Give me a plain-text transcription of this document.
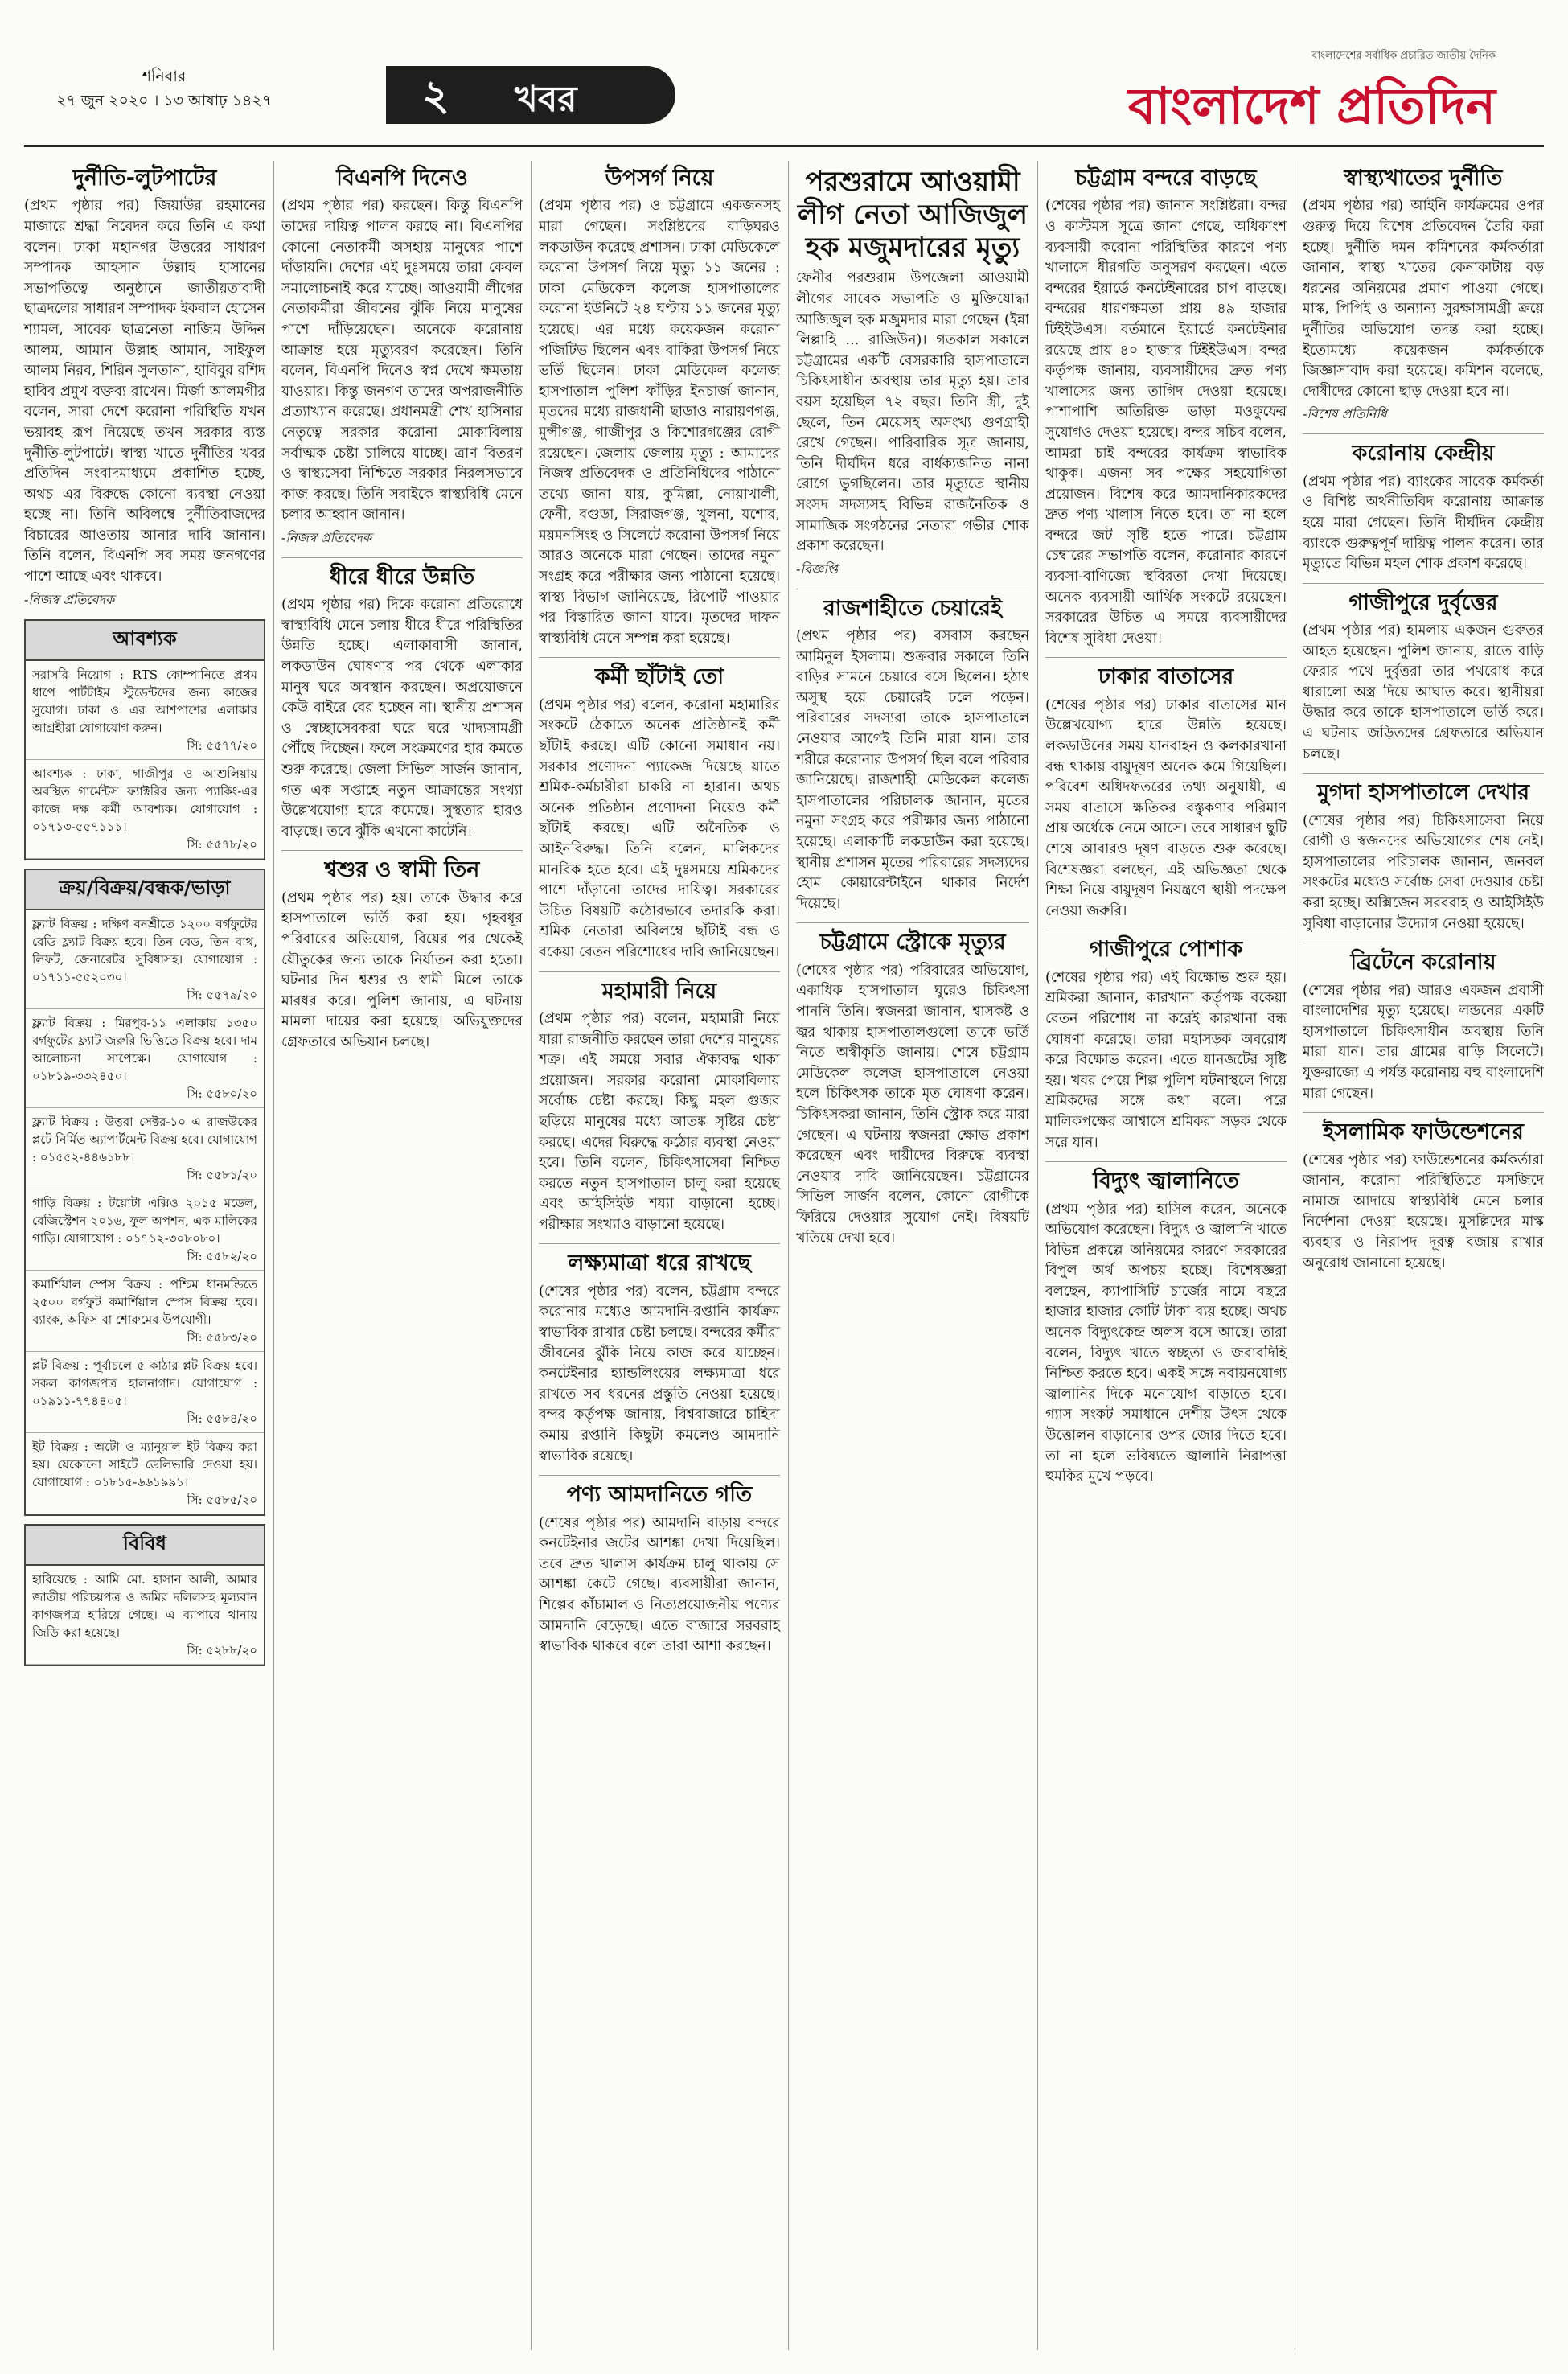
শনিবার
২৭ জুন ২০২০ । ১৩ আষাঢ় ১৪২৭	২ খবর
বাংলাদেশের সর্বাধিক প্রচারিত জাতীয় দৈনিক
বাংলাদেশ প্রতিদিন
দুর্নীতি-লুটপাটের
(প্রথম পৃষ্ঠার পর) জিয়াউর রহমানের মাজারে শ্রদ্ধা নিবেদন করে তিনি এ কথা বলেন। ঢাকা মহানগর উত্তরের সাধারণ সম্পাদক আহসান উল্লাহ হাসানের সভাপতিত্বে অনুষ্ঠানে জাতীয়তাবাদী ছাত্রদলের সাধারণ সম্পাদক ইকবাল হোসেন শ্যামল, সাবেক ছাত্রনেতা নাজিম উদ্দিন আলম, আমান উল্লাহ আমান, সাইফুল আলম নিরব, শিরিন সুলতানা, হাবিবুর রশিদ হাবিব প্রমুখ বক্তব্য রাখেন। মির্জা আলমগীর বলেন, সারা দেশে করোনা পরিস্থিতি যখন ভয়াবহ রূপ নিয়েছে তখন সরকার ব্যস্ত দুর্নীতি-লুটপাটে। স্বাস্থ্য খাতে দুর্নীতির খবর প্রতিদিন সংবাদমাধ্যমে প্রকাশিত হচ্ছে, অথচ এর বিরুদ্ধে কোনো ব্যবস্থা নেওয়া হচ্ছে না। তিনি অবিলম্বে দুর্নীতিবাজদের বিচারের আওতায় আনার দাবি জানান। তিনি বলেন, বিএনপি সব সময় জনগণের পাশে আছে এবং থাকবে।
-নিজস্ব প্রতিবেদক
আবশ্যক
সরাসরি নিয়োগ : RTS কোম্পানিতে প্রথম ধাপে পার্টটাইম স্টুডেন্টদের জন্য কাজের সুযোগ। ঢাকা ও এর আশপাশের এলাকার আগ্রহীরা যোগাযোগ করুন।
সি: ৫৫৭৭/২০
আবশ্যক : ঢাকা, গাজীপুর ও আশুলিয়ায় অবস্থিত গার্মেন্টস ফ্যাক্টরির জন্য প্যাকিং-এর কাজে দক্ষ কর্মী আবশ্যক। যোগাযোগ : ০১৭১৩-৫৫৭১১১।
সি: ৫৫৭৮/২০
ক্রয়/বিক্রয়/বন্ধক/ভাড়া
ফ্ল্যাট বিক্রয় : দক্ষিণ বনশ্রীতে ১২০০ বর্গফুটের রেডি ফ্ল্যাট বিক্রয় হবে। তিন বেড, তিন বাথ, লিফট, জেনারেটর সুবিধাসহ। যোগাযোগ : ০১৭১১-৫৫২০৩০।
সি: ৫৫৭৯/২০
ফ্ল্যাট বিক্রয় : মিরপুর-১১ এলাকায় ১৩৫০ বর্গফুটের ফ্ল্যাট জরুরি ভিত্তিতে বিক্রয় হবে। দাম আলোচনা সাপেক্ষে। যোগাযোগ : ০১৮১৯-৩৩২৪৫০।
সি: ৫৫৮০/২০
ফ্ল্যাট বিক্রয় : উত্তরা সেক্টর-১০ এ রাজউকের প্লটে নির্মিত অ্যাপার্টমেন্ট বিক্রয় হবে। যোগাযোগ : ০১৫৫২-৪৪৬১৮৮।
সি: ৫৫৮১/২০
গাড়ি বিক্রয় : টয়োটা এক্সিও ২০১৫ মডেল, রেজিস্ট্রেশন ২০১৬, ফুল অপশন, এক মালিকের গাড়ি। যোগাযোগ : ০১৭১২-৩০৮০৮০।
সি: ৫৫৮২/২০
কমার্শিয়াল স্পেস বিক্রয় : পশ্চিম ধানমন্ডিতে ২৫০০ বর্গফুট কমার্শিয়াল স্পেস বিক্রয় হবে। ব্যাংক, অফিস বা শোরুমের উপযোগী।
সি: ৫৫৮৩/২০
প্লট বিক্রয় : পূর্বাচলে ৫ কাঠার প্লট বিক্রয় হবে। সকল কাগজপত্র হালনাগাদ। যোগাযোগ : ০১৯১১-৭৭৪৪০৫।
সি: ৫৫৮৪/২০
ইট বিক্রয় : অটো ও ম্যানুয়াল ইট বিক্রয় করা হয়। যেকোনো সাইটে ডেলিভারি দেওয়া হয়। যোগাযোগ : ০১৮১৫-৬৬১৯৯১।
সি: ৫৫৮৫/২০
বিবিধ
হারিয়েছে : আমি মো. হাসান আলী, আমার জাতীয় পরিচয়পত্র ও জমির দলিলসহ মূল্যবান কাগজপত্র হারিয়ে গেছে। এ ব্যাপারে থানায় জিডি করা হয়েছে।
সি: ৫২৮৮/২০
বিএনপি দিনেও
(প্রথম পৃষ্ঠার পর) করছেন। কিন্তু বিএনপি তাদের দায়িত্ব পালন করছে না। বিএনপির কোনো নেতাকর্মী অসহায় মানুষের পাশে দাঁড়ায়নি। দেশের এই দুঃসময়ে তারা কেবল সমালোচনাই করে যাচ্ছে। আওয়ামী লীগের নেতাকর্মীরা জীবনের ঝুঁকি নিয়ে মানুষের পাশে দাঁড়িয়েছেন। অনেকে করোনায় আক্রান্ত হয়ে মৃত্যুবরণ করেছেন। তিনি বলেন, বিএনপি দিনেও স্বপ্ন দেখে ক্ষমতায় যাওয়ার। কিন্তু জনগণ তাদের অপরাজনীতি প্রত্যাখ্যান করেছে। প্রধানমন্ত্রী শেখ হাসিনার নেতৃত্বে সরকার করোনা মোকাবিলায় সর্বাত্মক চেষ্টা চালিয়ে যাচ্ছে। ত্রাণ বিতরণ ও স্বাস্থ্যসেবা নিশ্চিতে সরকার নিরলসভাবে কাজ করছে। তিনি সবাইকে স্বাস্থ্যবিধি মেনে চলার আহ্বান জানান।
-নিজস্ব প্রতিবেদক
ধীরে ধীরে উন্নতি
(প্রথম পৃষ্ঠার পর) দিকে করোনা প্রতিরোধে স্বাস্থ্যবিধি মেনে চলায় ধীরে ধীরে পরিস্থিতির উন্নতি হচ্ছে। এলাকাবাসী জানান, লকডাউন ঘোষণার পর থেকে এলাকার মানুষ ঘরে অবস্থান করছেন। অপ্রয়োজনে কেউ বাইরে বের হচ্ছেন না। স্থানীয় প্রশাসন ও স্বেচ্ছাসেবকরা ঘরে ঘরে খাদ্যসামগ্রী পৌঁছে দিচ্ছেন। ফলে সংক্রমণের হার কমতে শুরু করেছে। জেলা সিভিল সার্জন জানান, গত এক সপ্তাহে নতুন আক্রান্তের সংখ্যা উল্লেখযোগ্য হারে কমেছে। সুস্থতার হারও বাড়ছে। তবে ঝুঁকি এখনো কাটেনি।
শ্বশুর ও স্বামী তিন
(প্রথম পৃষ্ঠার পর) হয়। তাকে উদ্ধার করে হাসপাতালে ভর্তি করা হয়। গৃহবধূর পরিবারের অভিযোগ, বিয়ের পর থেকেই যৌতুকের জন্য তাকে নির্যাতন করা হতো। ঘটনার দিন শ্বশুর ও স্বামী মিলে তাকে মারধর করে। পুলিশ জানায়, এ ঘটনায় মামলা দায়ের করা হয়েছে। অভিযুক্তদের গ্রেফতারে অভিযান চলছে।
উপসর্গ নিয়ে
(প্রথম পৃষ্ঠার পর) ও চট্টগ্রামে একজনসহ মারা গেছেন। সংশ্লিষ্টদের বাড়িঘরও লকডাউন করেছে প্রশাসন। ঢাকা মেডিকেলে করোনা উপসর্গ নিয়ে মৃত্যু ১১ জনের : ঢাকা মেডিকেল কলেজ হাসপাতালের করোনা ইউনিটে ২৪ ঘণ্টায় ১১ জনের মৃত্যু হয়েছে। এর মধ্যে কয়েকজন করোনা পজিটিভ ছিলেন এবং বাকিরা উপসর্গ নিয়ে ভর্তি ছিলেন। ঢাকা মেডিকেল কলেজ হাসপাতাল পুলিশ ফাঁড়ির ইনচার্জ জানান, মৃতদের মধ্যে রাজধানী ছাড়াও নারায়ণগঞ্জ, মুন্সীগঞ্জ, গাজীপুর ও কিশোরগঞ্জের রোগী রয়েছেন। জেলায় জেলায় মৃত্যু : আমাদের নিজস্ব প্রতিবেদক ও প্রতিনিধিদের পাঠানো তথ্যে জানা যায়, কুমিল্লা, নোয়াখালী, ফেনী, বগুড়া, সিরাজগঞ্জ, খুলনা, যশোর, ময়মনসিংহ ও সিলেটে করোনা উপসর্গ নিয়ে আরও অনেকে মারা গেছেন। তাদের নমুনা সংগ্রহ করে পরীক্ষার জন্য পাঠানো হয়েছে। স্বাস্থ্য বিভাগ জানিয়েছে, রিপোর্ট পাওয়ার পর বিস্তারিত জানা যাবে। মৃতদের দাফন স্বাস্থ্যবিধি মেনে সম্পন্ন করা হয়েছে।
কর্মী ছাঁটাই তো
(প্রথম পৃষ্ঠার পর) বলেন, করোনা মহামারির সংকটে ঠেকাতে অনেক প্রতিষ্ঠানই কর্মী ছাঁটাই করছে। এটি কোনো সমাধান নয়। সরকার প্রণোদনা প্যাকেজ দিয়েছে যাতে শ্রমিক-কর্মচারীরা চাকরি না হারান। অথচ অনেক প্রতিষ্ঠান প্রণোদনা নিয়েও কর্মী ছাঁটাই করছে। এটি অনৈতিক ও আইনবিরুদ্ধ। তিনি বলেন, মালিকদের মানবিক হতে হবে। এই দুঃসময়ে শ্রমিকদের পাশে দাঁড়ানো তাদের দায়িত্ব। সরকারের উচিত বিষয়টি কঠোরভাবে তদারকি করা। শ্রমিক নেতারা অবিলম্বে ছাঁটাই বন্ধ ও বকেয়া বেতন পরিশোধের দাবি জানিয়েছেন।
মহামারী নিয়ে
(প্রথম পৃষ্ঠার পর) বলেন, মহামারী নিয়ে যারা রাজনীতি করছেন তারা দেশের মানুষের শত্রু। এই সময়ে সবার ঐক্যবদ্ধ থাকা প্রয়োজন। সরকার করোনা মোকাবিলায় সর্বোচ্চ চেষ্টা করছে। কিছু মহল গুজব ছড়িয়ে মানুষের মধ্যে আতঙ্ক সৃষ্টির চেষ্টা করছে। এদের বিরুদ্ধে কঠোর ব্যবস্থা নেওয়া হবে। তিনি বলেন, চিকিৎসাসেবা নিশ্চিত করতে নতুন হাসপাতাল চালু করা হয়েছে এবং আইসিইউ শয্যা বাড়ানো হচ্ছে। পরীক্ষার সংখ্যাও বাড়ানো হয়েছে।
লক্ষ্যমাত্রা ধরে রাখছে
(শেষের পৃষ্ঠার পর) বলেন, চট্টগ্রাম বন্দরে করোনার মধ্যেও আমদানি-রপ্তানি কার্যক্রম স্বাভাবিক রাখার চেষ্টা চলছে। বন্দরের কর্মীরা জীবনের ঝুঁকি নিয়ে কাজ করে যাচ্ছেন। কনটেইনার হ্যান্ডলিংয়ের লক্ষ্যমাত্রা ধরে রাখতে সব ধরনের প্রস্তুতি নেওয়া হয়েছে। বন্দর কর্তৃপক্ষ জানায়, বিশ্ববাজারে চাহিদা কমায় রপ্তানি কিছুটা কমলেও আমদানি স্বাভাবিক রয়েছে।
পণ্য আমদানিতে গতি
(শেষের পৃষ্ঠার পর) আমদানি বাড়ায় বন্দরে কনটেইনার জটের আশঙ্কা দেখা দিয়েছিল। তবে দ্রুত খালাস কার্যক্রম চালু থাকায় সে আশঙ্কা কেটে গেছে। ব্যবসায়ীরা জানান, শিল্পের কাঁচামাল ও নিত্যপ্রয়োজনীয় পণ্যের আমদানি বেড়েছে। এতে বাজারে সরবরাহ স্বাভাবিক থাকবে বলে তারা আশা করছেন।
পরশুরামে আওয়ামী লীগ নেতা আজিজুল হক মজুমদারের মৃত্যু
ফেনীর পরশুরাম উপজেলা আওয়ামী লীগের সাবেক সভাপতি ও মুক্তিযোদ্ধা আজিজুল হক মজুমদার মারা গেছেন (ইন্না লিল্লাহি ... রাজিউন)। গতকাল সকালে চট্টগ্রামের একটি বেসরকারি হাসপাতালে চিকিৎসাধীন অবস্থায় তার মৃত্যু হয়। তার বয়স হয়েছিল ৭২ বছর। তিনি স্ত্রী, দুই ছেলে, তিন মেয়েসহ অসংখ্য গুণগ্রাহী রেখে গেছেন। পারিবারিক সূত্র জানায়, তিনি দীর্ঘদিন ধরে বার্ধক্যজনিত নানা রোগে ভুগছিলেন। তার মৃত্যুতে স্থানীয় সংসদ সদস্যসহ বিভিন্ন রাজনৈতিক ও সামাজিক সংগঠনের নেতারা গভীর শোক প্রকাশ করেছেন।
-বিজ্ঞপ্তি
রাজশাহীতে চেয়ারেই
(প্রথম পৃষ্ঠার পর) বসবাস করছেন আমিনুল ইসলাম। শুক্রবার সকালে তিনি বাড়ির সামনে চেয়ারে বসে ছিলেন। হঠাৎ অসুস্থ হয়ে চেয়ারেই ঢলে পড়েন। পরিবারের সদস্যরা তাকে হাসপাতালে নেওয়ার আগেই তিনি মারা যান। তার শরীরে করোনার উপসর্গ ছিল বলে পরিবার জানিয়েছে। রাজশাহী মেডিকেল কলেজ হাসপাতালের পরিচালক জানান, মৃতের নমুনা সংগ্রহ করে পরীক্ষার জন্য পাঠানো হয়েছে। এলাকাটি লকডাউন করা হয়েছে। স্থানীয় প্রশাসন মৃতের পরিবারের সদস্যদের হোম কোয়ারেন্টাইনে থাকার নির্দেশ দিয়েছে।
চট্টগ্রামে স্ট্রোকে মৃত্যুর
(শেষের পৃষ্ঠার পর) পরিবারের অভিযোগ, একাধিক হাসপাতাল ঘুরেও চিকিৎসা পাননি তিনি। স্বজনরা জানান, শ্বাসকষ্ট ও জ্বর থাকায় হাসপাতালগুলো তাকে ভর্তি নিতে অস্বীকৃতি জানায়। শেষে চট্টগ্রাম মেডিকেল কলেজ হাসপাতালে নেওয়া হলে চিকিৎসক তাকে মৃত ঘোষণা করেন। চিকিৎসকরা জানান, তিনি স্ট্রোক করে মারা গেছেন। এ ঘটনায় স্বজনরা ক্ষোভ প্রকাশ করেছেন এবং দায়ীদের বিরুদ্ধে ব্যবস্থা নেওয়ার দাবি জানিয়েছেন। চট্টগ্রামের সিভিল সার্জন বলেন, কোনো রোগীকে ফিরিয়ে দেওয়ার সুযোগ নেই। বিষয়টি খতিয়ে দেখা হবে।
চট্টগ্রাম বন্দরে বাড়ছে
(শেষের পৃষ্ঠার পর) জানান সংশ্লিষ্টরা। বন্দর ও কাস্টমস সূত্রে জানা গেছে, অধিকাংশ ব্যবসায়ী করোনা পরিস্থিতির কারণে পণ্য খালাসে ধীরগতি অনুসরণ করছেন। এতে বন্দরের ইয়ার্ডে কনটেইনারের চাপ বাড়ছে। বন্দরের ধারণক্ষমতা প্রায় ৪৯ হাজার টিইইউএস। বর্তমানে ইয়ার্ডে কনটেইনার রয়েছে প্রায় ৪০ হাজার টিইইউএস। বন্দর কর্তৃপক্ষ জানায়, ব্যবসায়ীদের দ্রুত পণ্য খালাসের জন্য তাগিদ দেওয়া হয়েছে। পাশাপাশি অতিরিক্ত ভাড়া মওকুফের সুযোগও দেওয়া হয়েছে। বন্দর সচিব বলেন, আমরা চাই বন্দরের কার্যক্রম স্বাভাবিক থাকুক। এজন্য সব পক্ষের সহযোগিতা প্রয়োজন। বিশেষ করে আমদানিকারকদের দ্রুত পণ্য খালাস নিতে হবে। তা না হলে বন্দরে জট সৃষ্টি হতে পারে। চট্টগ্রাম চেম্বারের সভাপতি বলেন, করোনার কারণে ব্যবসা-বাণিজ্যে স্থবিরতা দেখা দিয়েছে। অনেক ব্যবসায়ী আর্থিক সংকটে রয়েছেন। সরকারের উচিত এ সময়ে ব্যবসায়ীদের বিশেষ সুবিধা দেওয়া।
ঢাকার বাতাসের
(শেষের পৃষ্ঠার পর) ঢাকার বাতাসের মান উল্লেখযোগ্য হারে উন্নতি হয়েছে। লকডাউনের সময় যানবাহন ও কলকারখানা বন্ধ থাকায় বায়ুদূষণ অনেক কমে গিয়েছিল। পরিবেশ অধিদফতরের তথ্য অনুযায়ী, এ সময় বাতাসে ক্ষতিকর বস্তুকণার পরিমাণ প্রায় অর্ধেকে নেমে আসে। তবে সাধারণ ছুটি শেষে আবারও দূষণ বাড়তে শুরু করেছে। বিশেষজ্ঞরা বলছেন, এই অভিজ্ঞতা থেকে শিক্ষা নিয়ে বায়ুদূষণ নিয়ন্ত্রণে স্থায়ী পদক্ষেপ নেওয়া জরুরি।
গাজীপুরে পোশাক
(শেষের পৃষ্ঠার পর) এই বিক্ষোভ শুরু হয়। শ্রমিকরা জানান, কারখানা কর্তৃপক্ষ বকেয়া বেতন পরিশোধ না করেই কারখানা বন্ধ ঘোষণা করেছে। তারা মহাসড়ক অবরোধ করে বিক্ষোভ করেন। এতে যানজটের সৃষ্টি হয়। খবর পেয়ে শিল্প পুলিশ ঘটনাস্থলে গিয়ে শ্রমিকদের সঙ্গে কথা বলে। পরে মালিকপক্ষের আশ্বাসে শ্রমিকরা সড়ক থেকে সরে যান।
বিদ্যুৎ জ্বালানিতে
(প্রথম পৃষ্ঠার পর) হাসিল করেন, অনেকে অভিযোগ করেছেন। বিদ্যুৎ ও জ্বালানি খাতে বিভিন্ন প্রকল্পে অনিয়মের কারণে সরকারের বিপুল অর্থ অপচয় হচ্ছে। বিশেষজ্ঞরা বলছেন, ক্যাপাসিটি চার্জের নামে বছরে হাজার হাজার কোটি টাকা ব্যয় হচ্ছে। অথচ অনেক বিদ্যুৎকেন্দ্র অলস বসে আছে। তারা বলেন, বিদ্যুৎ খাতে স্বচ্ছতা ও জবাবদিহি নিশ্চিত করতে হবে। একই সঙ্গে নবায়নযোগ্য জ্বালানির দিকে মনোযোগ বাড়াতে হবে। গ্যাস সংকট সমাধানে দেশীয় উৎস থেকে উত্তোলন বাড়ানোর ওপর জোর দিতে হবে। তা না হলে ভবিষ্যতে জ্বালানি নিরাপত্তা হুমকির মুখে পড়বে।
স্বাস্থ্যখাতের দুর্নীতি
(প্রথম পৃষ্ঠার পর) আইনি কার্যক্রমের ওপর গুরুত্ব দিয়ে বিশেষ প্রতিবেদন তৈরি করা হচ্ছে। দুর্নীতি দমন কমিশনের কর্মকর্তারা জানান, স্বাস্থ্য খাতের কেনাকাটায় বড় ধরনের অনিয়মের প্রমাণ পাওয়া গেছে। মাস্ক, পিপিই ও অন্যান্য সুরক্ষাসামগ্রী ক্রয়ে দুর্নীতির অভিযোগ তদন্ত করা হচ্ছে। ইতোমধ্যে কয়েকজন কর্মকর্তাকে জিজ্ঞাসাবাদ করা হয়েছে। কমিশন বলেছে, দোষীদের কোনো ছাড় দেওয়া হবে না।
-বিশেষ প্রতিনিধি
করোনায় কেন্দ্রীয়
(প্রথম পৃষ্ঠার পর) ব্যাংকের সাবেক কর্মকর্তা ও বিশিষ্ট অর্থনীতিবিদ করোনায় আক্রান্ত হয়ে মারা গেছেন। তিনি দীর্ঘদিন কেন্দ্রীয় ব্যাংকে গুরুত্বপূর্ণ দায়িত্ব পালন করেন। তার মৃত্যুতে বিভিন্ন মহল শোক প্রকাশ করেছে।
গাজীপুরে দুর্বৃত্তের
(প্রথম পৃষ্ঠার পর) হামলায় একজন গুরুতর আহত হয়েছেন। পুলিশ জানায়, রাতে বাড়ি ফেরার পথে দুর্বৃত্তরা তার পথরোধ করে ধারালো অস্ত্র দিয়ে আঘাত করে। স্থানীয়রা উদ্ধার করে তাকে হাসপাতালে ভর্তি করে। এ ঘটনায় জড়িতদের গ্রেফতারে অভিযান চলছে।
মুগদা হাসপাতালে দেখার
(শেষের পৃষ্ঠার পর) চিকিৎসাসেবা নিয়ে রোগী ও স্বজনদের অভিযোগের শেষ নেই। হাসপাতালের পরিচালক জানান, জনবল সংকটের মধ্যেও সর্বোচ্চ সেবা দেওয়ার চেষ্টা করা হচ্ছে। অক্সিজেন সরবরাহ ও আইসিইউ সুবিধা বাড়ানোর উদ্যোগ নেওয়া হয়েছে।
ব্রিটেনে করোনায়
(শেষের পৃষ্ঠার পর) আরও একজন প্রবাসী বাংলাদেশির মৃত্যু হয়েছে। লন্ডনের একটি হাসপাতালে চিকিৎসাধীন অবস্থায় তিনি মারা যান। তার গ্রামের বাড়ি সিলেটে। যুক্তরাজ্যে এ পর্যন্ত করোনায় বহু বাংলাদেশি মারা গেছেন।
ইসলামিক ফাউন্ডেশনের
(শেষের পৃষ্ঠার পর) ফাউন্ডেশনের কর্মকর্তারা জানান, করোনা পরিস্থিতিতে মসজিদে নামাজ আদায়ে স্বাস্থ্যবিধি মেনে চলার নির্দেশনা দেওয়া হয়েছে। মুসল্লিদের মাস্ক ব্যবহার ও নিরাপদ দূরত্ব বজায় রাখার অনুরোধ জানানো হয়েছে।
